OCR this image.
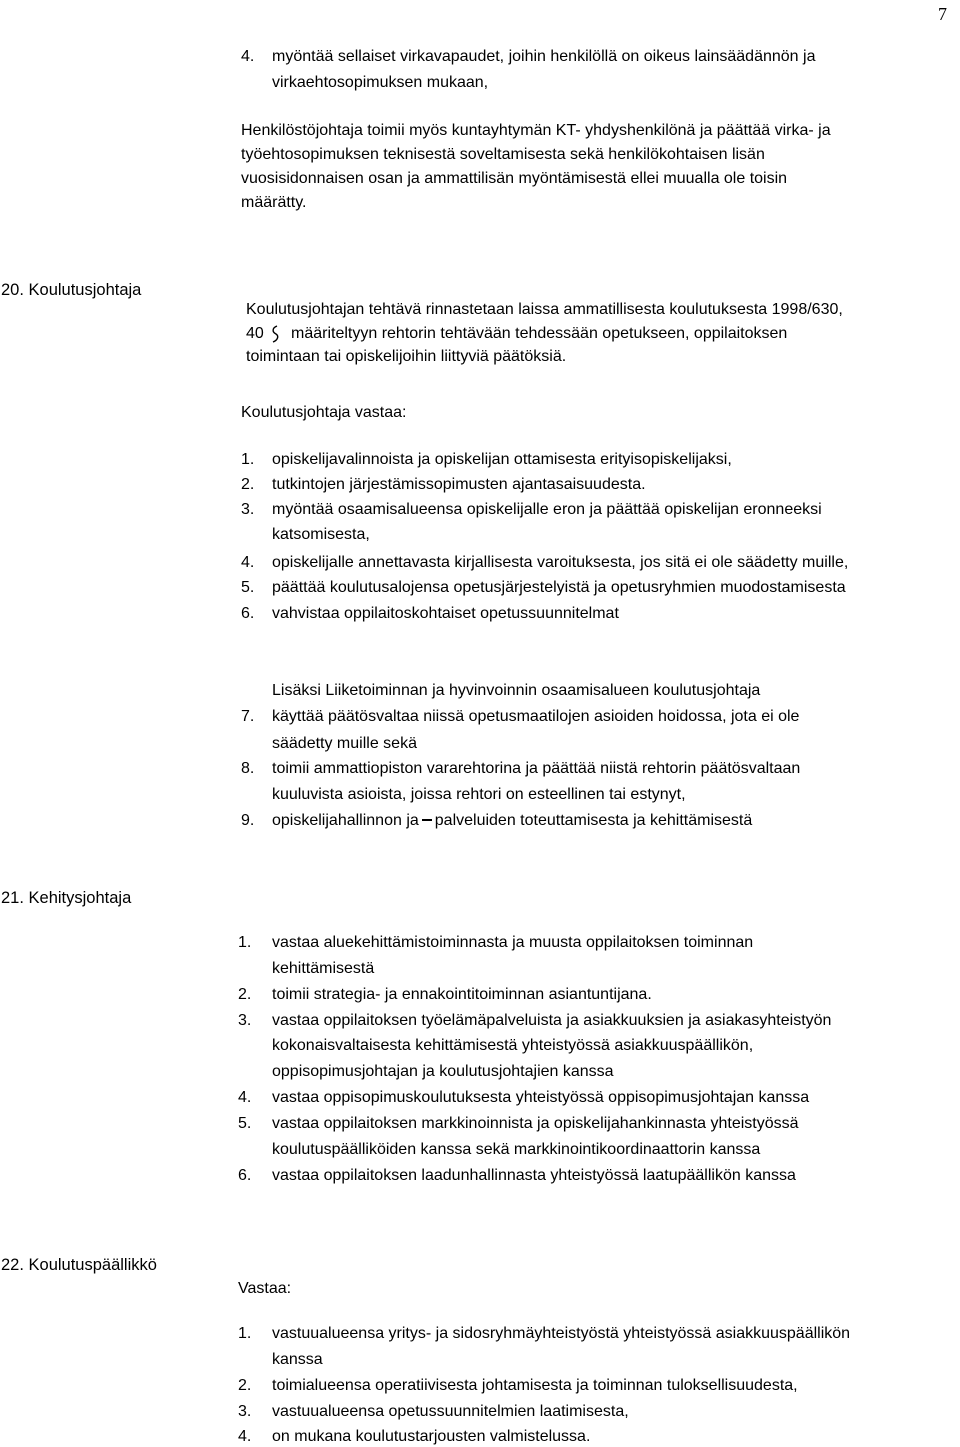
7
4. myöntää sellaiset virkavapaudet, joihin henkilöllä on oikeus lainsäädännön ja
virkaehtosopimuksen mukaan,
Henkilöstöjohtaja toimii myös kuntayhtymän KT- yhdyshenkilönä ja päättää virka- ja
työehtosopimuksen teknisestä soveltamisesta sekä henkilökohtaisen lisän
vuosisidonnaisen osan ja ammattilisän myöntämisestä ellei muualla ole toisin
määrätty.
20. Koulutusjohtaja
Koulutusjohtajan tehtävä rinnastetaan laissa ammatillisesta koulutuksesta 1998/630,
40 määriteltyyn rehtorin tehtävään tehdessään opetukseen, oppilaitoksen
toimintaan tai opiskelijoihin liittyviä päätöksiä.
Koulutusjohtaja vastaa:
1. opiskelijavalinnoista ja opiskelijan ottamisesta erityisopiskelijaksi,
2. tutkintojen järjestämissopimusten ajantasaisuudesta.
3. myöntää osaamisalueensa opiskelijalle eron ja päättää opiskelijan eronneeksi
katsomisesta,
4. opiskelijalle annettavasta kirjallisesta varoituksesta, jos sitä ei ole säädetty muille,
5. päättää koulutusalojensa opetusjärjestelyistä ja opetusryhmien muodostamisesta
6. vahvistaa oppilaitoskohtaiset opetussuunnitelmat
Lisäksi Liiketoiminnan ja hyvinvoinnin osaamisalueen koulutusjohtaja
7. käyttää päätösvaltaa niissä opetusmaatilojen asioiden hoidossa, jota ei ole
säädetty muille sekä
8. toimii ammattiopiston vararehtorina ja päättää niistä rehtorin päätösvaltaan
kuuluvista asioista, joissa rehtori on esteellinen tai estynyt,
9. opiskelijahallinnon ja palveluiden toteuttamisesta ja kehittämisestä
21. Kehitysjohtaja
1. vastaa aluekehittämistoiminnasta ja muusta oppilaitoksen toiminnan
kehittämisestä
2. toimii strategia- ja ennakointitoiminnan asiantuntijana.
3. vastaa oppilaitoksen työelämäpalveluista ja asiakkuuksien ja asiakasyhteistyön
kokonaisvaltaisesta kehittämisestä yhteistyössä asiakkuuspäällikön,
oppisopimusjohtajan ja koulutusjohtajien kanssa
4. vastaa oppisopimuskoulutuksesta yhteistyössä oppisopimusjohtajan kanssa
5. vastaa oppilaitoksen markkinoinnista ja opiskelijahankinnasta yhteistyössä
koulutuspäälliköiden kanssa sekä markkinointikoordinaattorin kanssa
6. vastaa oppilaitoksen laadunhallinnasta yhteistyössä laatupäällikön kanssa
22. Koulutuspäällikkö
Vastaa:
1. vastuualueensa yritys- ja sidosryhmäyhteistyöstä yhteistyössä asiakkuuspäällikön
kanssa
2. toimialueensa operatiivisesta johtamisesta ja toiminnan tuloksellisuudesta,
3. vastuualueensa opetussuunnitelmien laatimisesta,
4. on mukana koulutustarjousten valmistelussa.
